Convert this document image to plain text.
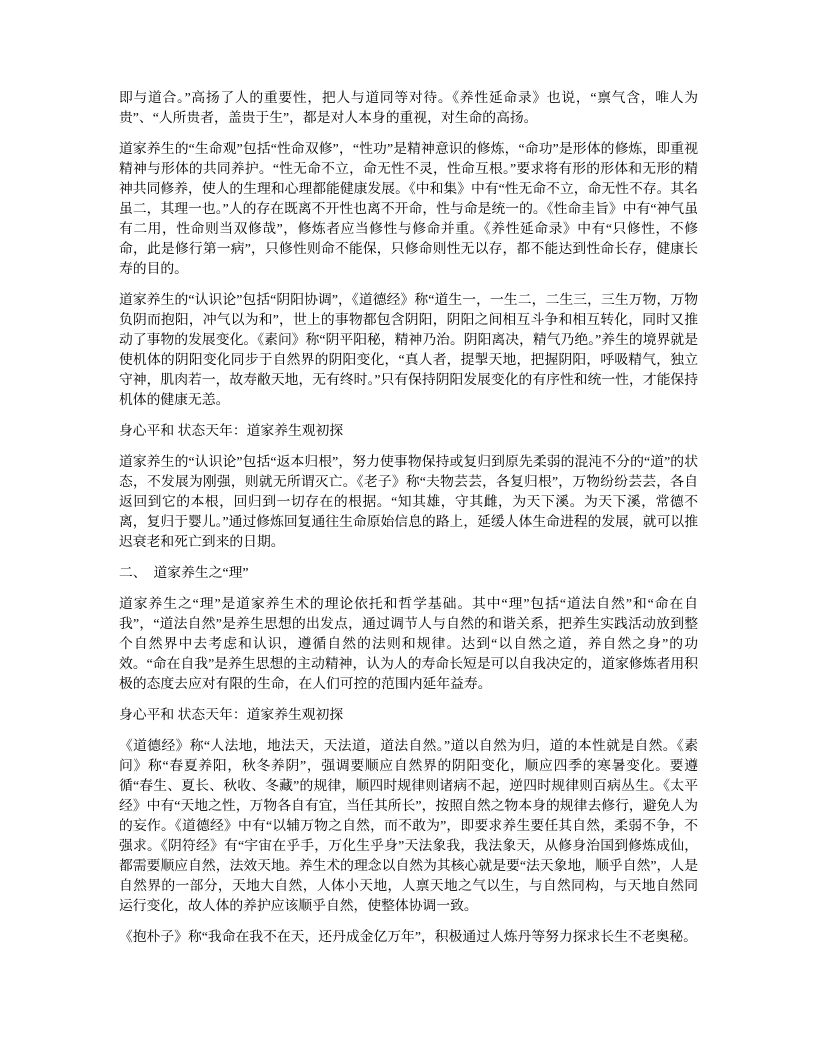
即与道合。”高扬了人的重要性，把人与道同等对待。《养性延命录》也说，“禀气含，唯人为贵”、“人所贵者，盖贵于生”，都是对人本身的重视，对生命的高扬。

道家养生的“生命观”包括“性命双修”，“性功”是精神意识的修炼，“命功”是形体的修炼，即重视精神与形体的共同养护。“性无命不立，命无性不灵，性命互根。”要求将有形的形体和无形的精神共同修养，使人的生理和心理都能健康发展。《中和集》中有“性无命不立，命无性不存。其名虽二，其理一也。”人的存在既离不开性也离不开命，性与命是统一的。《性命圭旨》中有“神气虽有二用，性命则当双修哉”，修炼者应当修性与修命并重。《养性延命录》中有“只修性，不修命，此是修行第一病”，只修性则命不能保，只修命则性无以存，都不能达到性命长存，健康长寿的目的。

道家养生的“认识论”包括“阴阳协调”，《道德经》称“道生一，一生二，二生三，三生万物，万物负阴而抱阳，冲气以为和”，世上的事物都包含阴阳，阴阳之间相互斗争和相互转化，同时又推动了事物的发展变化。《素问》称“阴平阳秘，精神乃治。阴阳离决，精气乃绝。”养生的境界就是使机体的阴阳变化同步于自然界的阴阳变化，“真人者，提掣天地，把握阴阳，呼吸精气，独立守神，肌肉若一，故寿敝天地，无有终时。”只有保持阴阳发展变化的有序性和统一性，才能保持机体的健康无恙。

身心平和 状态天年：道家养生观初探

道家养生的“认识论”包括“返本归根”，努力使事物保持或复归到原先柔弱的混沌不分的“道”的状态，不发展为刚强，则就无所谓灭亡。《老子》称“夫物芸芸，各复归根”，万物纷纷芸芸，各自返回到它的本根，回归到一切存在的根据。“知其雄，守其雌，为天下溪。为天下溪，常德不离，复归于婴儿。”通过修炼回复通往生命原始信息的路上，延缓人体生命进程的发展，就可以推迟衰老和死亡到来的日期。

二、　道家养生之“理”

道家养生之“理”是道家养生术的理论依托和哲学基础。其中“理”包括“道法自然”和“命在自我”，“道法自然”是养生思想的出发点，通过调节人与自然的和谐关系，把养生实践活动放到整个自然界中去考虑和认识，遵循自然的法则和规律。达到“以自然之道，养自然之身”的功效。“命在自我”是养生思想的主动精神，认为人的寿命长短是可以自我决定的，道家修炼者用积极的态度去应对有限的生命，在人们可控的范围内延年益寿。

身心平和 状态天年：道家养生观初探

《道德经》称“人法地，地法天，天法道，道法自然。”道以自然为归，道的本性就是自然。《素问》称“春夏养阳，秋冬养阴”，强调要顺应自然界的阴阳变化，顺应四季的寒暑变化。要遵循“春生、夏长、秋收、冬藏”的规律，顺四时规律则诸病不起，逆四时规律则百病丛生。《太平经》中有“天地之性，万物各自有宜，当任其所长”，按照自然之物本身的规律去修行，避免人为的妄作。《道德经》中有“以辅万物之自然，而不敢为”，即要求养生要任其自然，柔弱不争，不强求。《阴符经》有“宇宙在乎手，万化生乎身”天法象我，我法象天，从修身治国到修炼成仙，都需要顺应自然，法效天地。养生术的理念以自然为其核心就是要“法天象地，顺乎自然”，人是自然界的一部分，天地大自然，人体小天地，人禀天地之气以生，与自然同构，与天地自然同运行变化，故人体的养护应该顺乎自然，使整体协调一致。

《抱朴子》称“我命在我不在天，还丹成金亿万年”，积极通过人炼丹等努力探求长生不老奥秘。
